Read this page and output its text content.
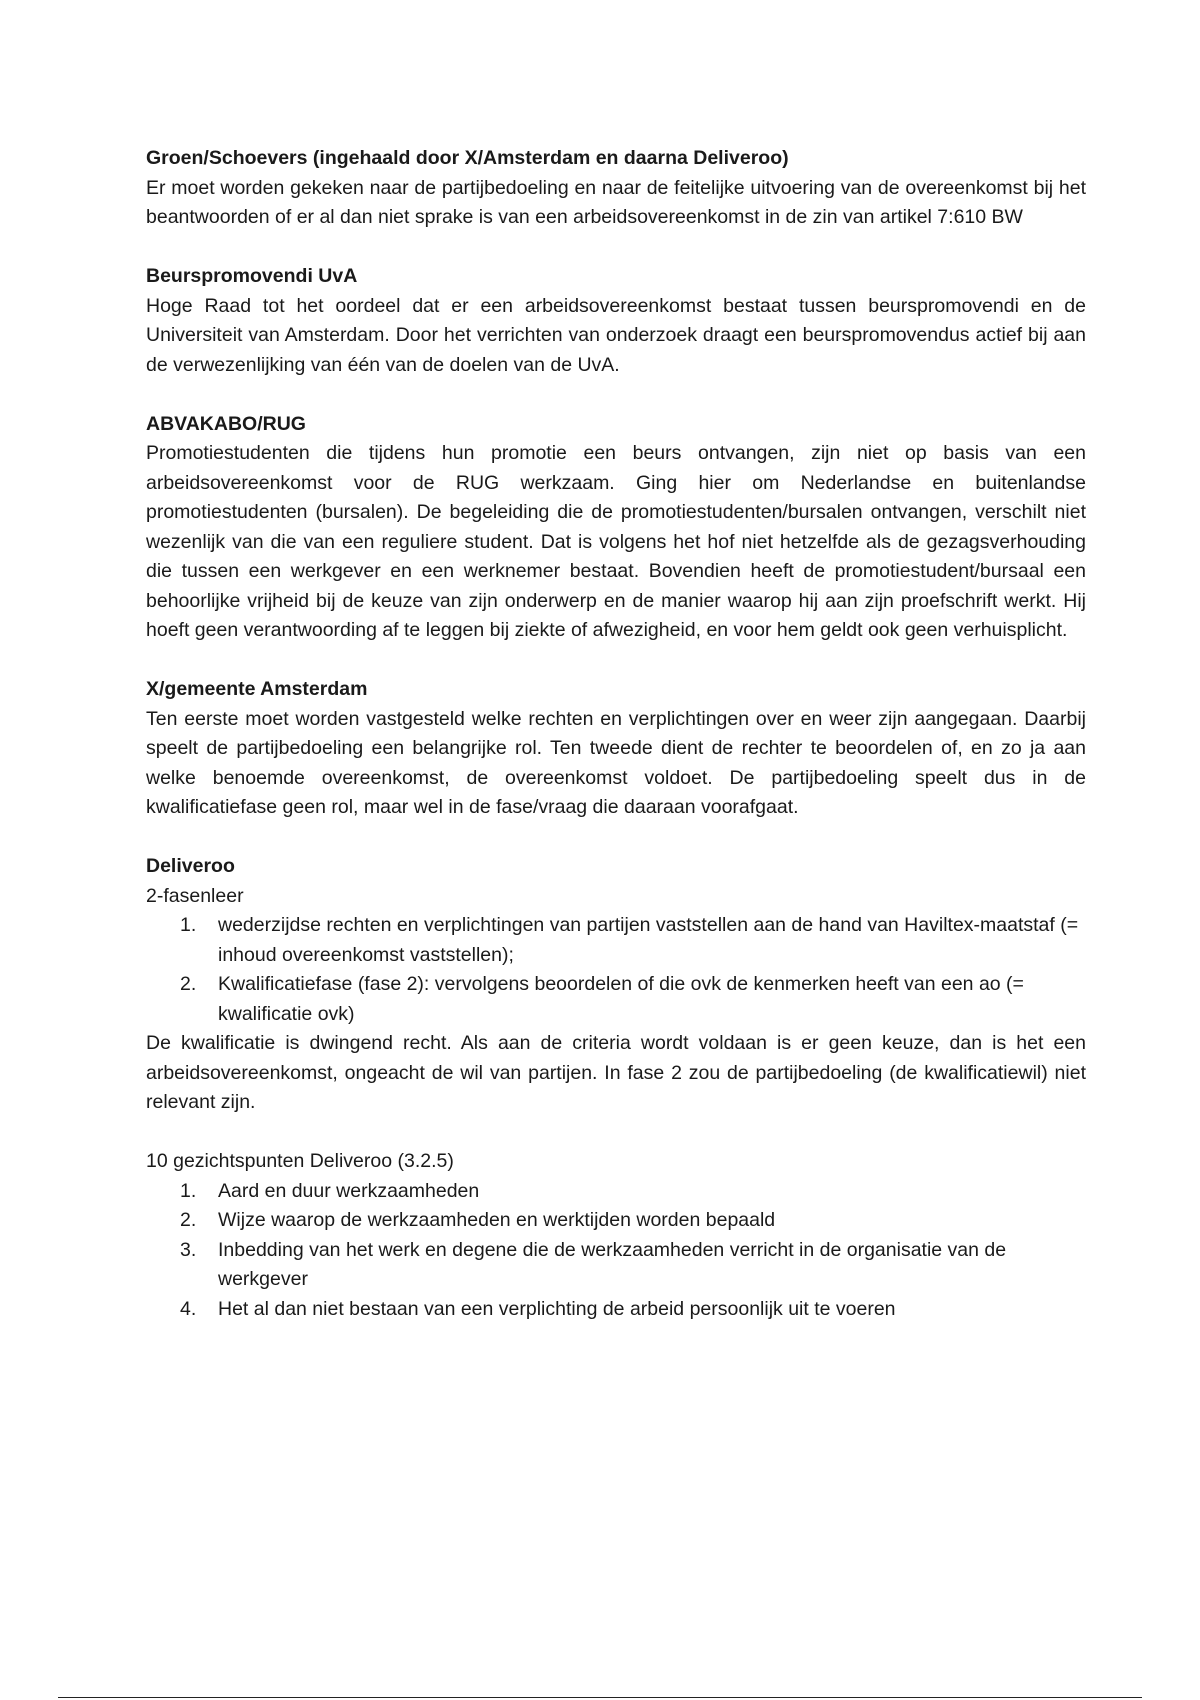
Groen/Schoevers (ingehaald door X/Amsterdam en daarna Deliveroo)

Er moet worden gekeken naar de partijbedoeling en naar de feitelijke uitvoering van de overeenkomst bij het beantwoorden of er al dan niet sprake is van een arbeidsovereenkomst in de zin van artikel 7:610 BW

Beurspromovendi UvA

Hoge Raad tot het oordeel dat er een arbeidsovereenkomst bestaat tussen beurspromovendi en de Universiteit van Amsterdam. Door het verrichten van onderzoek draagt een beurspromovendus actief bij aan de verwezenlijking van één van de doelen van de UvA.

ABVAKABO/RUG

Promotiestudenten die tijdens hun promotie een beurs ontvangen, zijn niet op basis van een arbeidsovereenkomst voor de RUG werkzaam. Ging hier om Nederlandse en buitenlandse promotiestudenten (bursalen). De begeleiding die de promotiestudenten/bursalen ontvangen, verschilt niet wezenlijk van die van een reguliere student. Dat is volgens het hof niet hetzelfde als de gezagsverhouding die tussen een werkgever en een werknemer bestaat. Bovendien heeft de promotiestudent/bursaal een behoorlijke vrijheid bij de keuze van zijn onderwerp en de manier waarop hij aan zijn proefschrift werkt. Hij hoeft geen verantwoording af te leggen bij ziekte of afwezigheid, en voor hem geldt ook geen verhuisplicht.

X/gemeente Amsterdam

Ten eerste moet worden vastgesteld welke rechten en verplichtingen over en weer zijn aangegaan. Daarbij speelt de partijbedoeling een belangrijke rol. Ten tweede dient de rechter te beoordelen of, en zo ja aan welke benoemde overeenkomst, de overeenkomst voldoet. De partijbedoeling speelt dus in de kwalificatiefase geen rol, maar wel in de fase/vraag die daaraan voorafgaat.

Deliveroo

2-fasenleer

1. wederzijdse rechten en verplichtingen van partijen vaststellen aan de hand van Haviltex-maatstaf (= inhoud overeenkomst vaststellen);
2. Kwalificatiefase (fase 2): vervolgens beoordelen of die ovk de kenmerken heeft van een ao (= kwalificatie ovk)

De kwalificatie is dwingend recht. Als aan de criteria wordt voldaan is er geen keuze, dan is het een arbeidsovereenkomst, ongeacht de wil van partijen. In fase 2 zou de partijbedoeling (de kwalificatiewil) niet relevant zijn.

10 gezichtspunten Deliveroo (3.2.5)

1. Aard en duur werkzaamheden
2. Wijze waarop de werkzaamheden en werktijden worden bepaald
3. Inbedding van het werk en degene die de werkzaamheden verricht in de organisatie van de werkgever
4. Het al dan niet bestaan van een verplichting de arbeid persoonlijk uit te voeren
